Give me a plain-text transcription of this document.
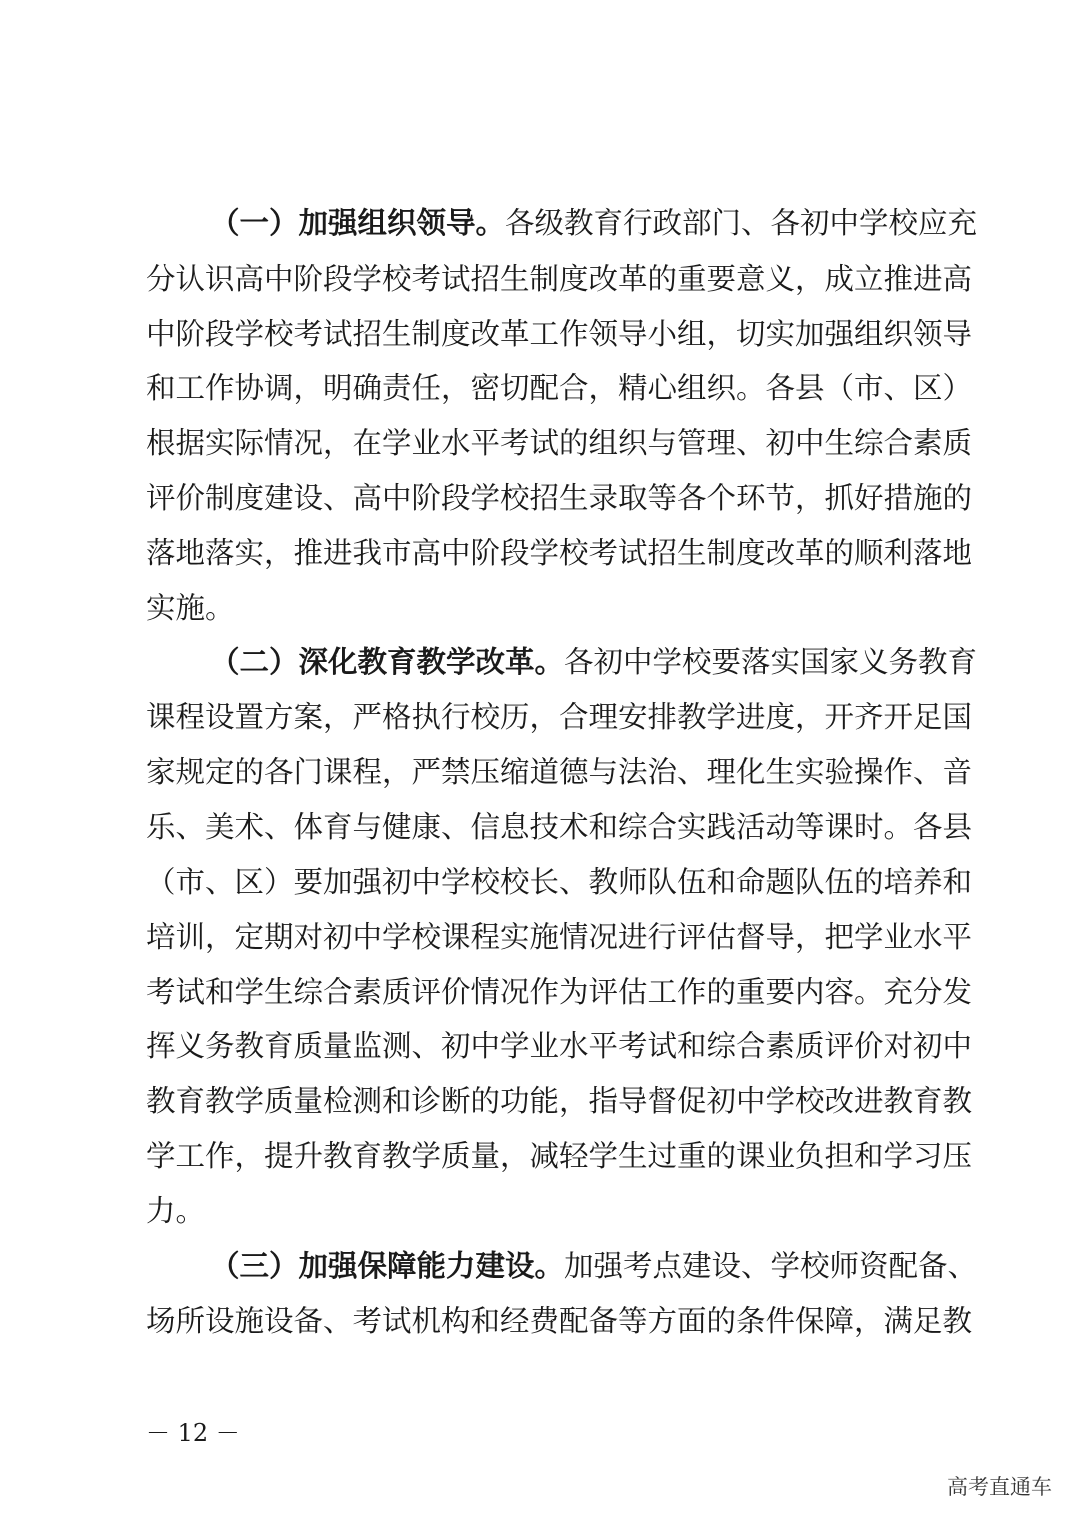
（一）加强组织领导。各级教育行政部门、各初中学校应充
分认识高中阶段学校考试招生制度改革的重要意义，成立推进高
中阶段学校考试招生制度改革工作领导小组，切实加强组织领导
和工作协调，明确责任，密切配合，精心组织。各县（市、区）
根据实际情况，在学业水平考试的组织与管理、初中生综合素质
评价制度建设、高中阶段学校招生录取等各个环节，抓好措施的
落地落实，推进我市高中阶段学校考试招生制度改革的顺利落地
实施。
（二）深化教育教学改革。各初中学校要落实国家义务教育
课程设置方案，严格执行校历，合理安排教学进度，开齐开足国
家规定的各门课程，严禁压缩道德与法治、理化生实验操作、音
乐、美术、体育与健康、信息技术和综合实践活动等课时。各县
（市、区）要加强初中学校校长、教师队伍和命题队伍的培养和
培训，定期对初中学校课程实施情况进行评估督导，把学业水平
考试和学生综合素质评价情况作为评估工作的重要内容。充分发
挥义务教育质量监测、初中学业水平考试和综合素质评价对初中
教育教学质量检测和诊断的功能，指导督促初中学校改进教育教
学工作，提升教育教学质量，减轻学生过重的课业负担和学习压
力。
（三）加强保障能力建设。加强考点建设、学校师资配备、
场所设施设备、考试机构和经费配备等方面的条件保障，满足教
－ 12 －
高考直通车
